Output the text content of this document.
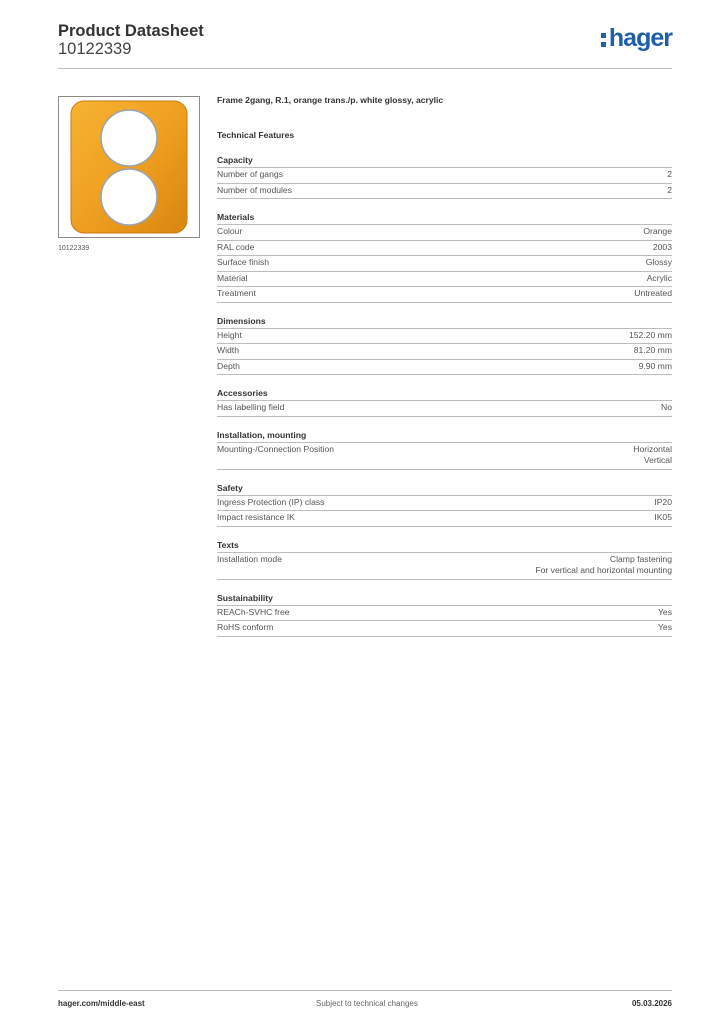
Product Datasheet
10122339	hager
10122339
Frame 2gang, R.1, orange trans./p. white glossy, acrylic
Technical Features
Capacity
Number of gangs	2
Number of modules	2
Materials
Colour	Orange
RAL code	2003
Surface finish	Glossy
Material	Acrylic
Treatment	Untreated
Dimensions
Height	152.20 mm
Width	81.20 mm
Depth	9.90 mm
Accessories
Has labelling field	No
Installation, mounting
Mounting-/Connection Position	Horizontal
Vertical
Safety
Ingress Protection (IP) class	IP20
Impact resistance IK	IK05
Texts
Installation mode	Clamp fastening
For vertical and horizontal mounting
Sustainability
REACh-SVHC free	Yes
RoHS conform	Yes
hager.com/middle-east	Subject to technical changes	05.03.2026
